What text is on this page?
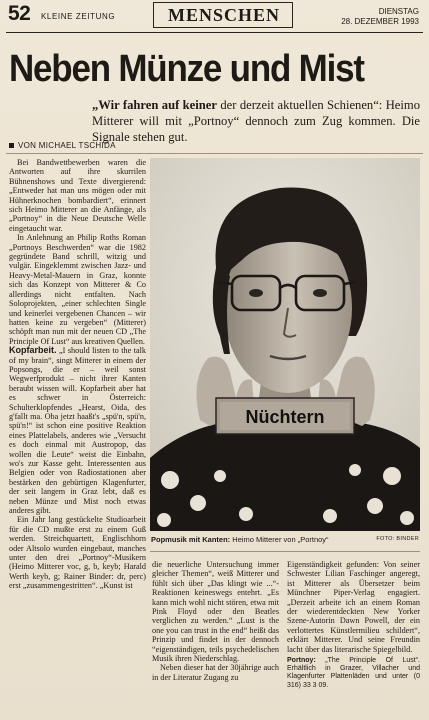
52 KLEINE ZEITUNG	MENSCHEN	DIENSTAG
28. DEZEMBER 1993
Neben Münze und Mist
„Wir fahren auf keiner der derzeit aktuellen Schienen“: Heimo Mitterer will mit „Portnoy“ dennoch zum Zug kommen. Die Signale stehen gut.
VON MICHAEL TSCHIDA

Bei Bandwettbewerben waren die Antworten auf ihre skurrilen Bühnenshows und Texte divergierend: „Entweder hat man uns mögen oder mit Hühnerknochen bombardiert“, erinnert sich Heimo Mitterer an die Anfänge, als „Portnoy“ in die Neue Deutsche Welle eingetaucht war.

In Anlehnung an Philip Roths Roman „Portnoys Beschwerden“ war die 1982 gegründete Band schrill, witzig und vulgär. Eingeklemmt zwischen Jazz- und Heavy-Metal-Mauern in Graz, konnte sich das Konzept von Mitterer & Co allerdings nicht entfalten. Nach Soloprojekten, „einer schlechten Single und keinerlei vergebenen Chancen – wir hatten keine zu vergeben“ (Mitterer) schöpft man nun mit der neuen CD „The Principle Of Lust“ aus kreativen Quellen.

Kopfarbeit. „I should listen to the talk of my brain“, singt Mitterer in einem der Popsongs, die er – weil sonst Wegwerfprodukt – nicht ihrer Kanten beraubt wissen will. Kopfarbeit aber hat es schwer in Österreich: Schulterklopfendes „Hearst, Oida, des g'fallt ma. Oba jetzt haaßt's „spü'n, spü'n, spü'n!“ ist schon eine positive Reaktion eines Plattelabels, anderes wie „Versucht es doch einmal mit Austropop, das wollen die Leute“ weist die Einbahn, wo's zur Kasse geht. Interessenten aus Belgien oder von Radiostationen aber bestärken den gebürtigen Klagenfurter, der seit langem in Graz lebt, daß es neben Münze und Mist noch etwas anderes gibt.

Ein Jahr lang gestückelte Studioarbeit für die CD mußte erst zu einem Guß werden. Streichquartett, Englischhorn oder Altsolo wurden eingebaut, manches unter den drei „Portnoy“-Musikern (Heimo Mitterer voc, g, b, keyb; Harald Werth keyb, g; Rainer Binder: dr, perc) erst „zusammengestritten“. „Kunst ist

Nüchtern
Popmusik mit Kanten: Heimo Mitterer von „Portnoy“	FOTO: BINDER

die neuerliche Untersuchung immer gleicher Themen“, weiß Mitterer und fühlt sich über „Das klingt wie ...“-Reaktionen keineswegs entehrt. „Es kann mich wohl nicht stören, etwa mit Pink Floyd oder den Beatles verglichen zu werden.“ „Lust is the one you can trust in the end“ heißt das Prinzip und findet in der dennoch “eigenständigen, teils psychedelischen Musik ihren Niederschlag.

Neben dieser hat der 30jährige auch in der Literatur Zugang zu

Eigenständigkeit gefunden: Von seiner Schwester Lilian Faschinger angeregt, ist Mitterer als Übersetzer beim Münchner Piper-Verlag engagiert. „Derzeit arbeite ich an einem Roman der wiederentdeckten New Yorker Szene-Autorin Dawn Powell, der ein verlottertes Künstlermilieu schildert“, erklärt Mitterer. Und seine Freundin lacht über das literarische Spiegelbild.

Portnoy: „The Principle Of Lust“. Erhältlich in Grazer, Villacher und Klagenfurter Plattenläden und unter (0 316) 33 3 09.
